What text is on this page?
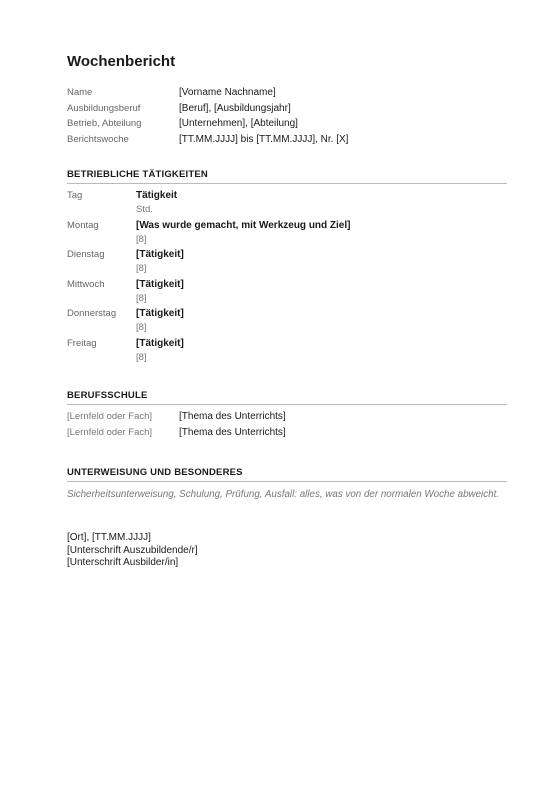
Wochenbericht
Name	[Vorname Nachname]
Ausbildungsberuf	[Beruf], [Ausbildungsjahr]
Betrieb, Abteilung	[Unternehmen], [Abteilung]
Berichtswoche	[TT.MM.JJJJ] bis [TT.MM.JJJJ], Nr. [X]
BETRIEBLICHE TÄTIGKEITEN
Tag	Tätigkeit
Std.
Montag	[Was wurde gemacht, mit Werkzeug und Ziel]
[8]
Dienstag	[Tätigkeit]
[8]
Mittwoch	[Tätigkeit]
[8]
Donnerstag	[Tätigkeit]
[8]
Freitag	[Tätigkeit]
[8]
BERUFSSCHULE
[Lernfeld oder Fach]	[Thema des Unterrichts]
[Lernfeld oder Fach]	[Thema des Unterrichts]
UNTERWEISUNG UND BESONDERES
Sicherheitsunterweisung, Schulung, Prüfung, Ausfall: alles, was von der normalen Woche abweicht.
[Ort], [TT.MM.JJJJ]
[Unterschrift Auszubildende/r]
[Unterschrift Ausbilder/in]
